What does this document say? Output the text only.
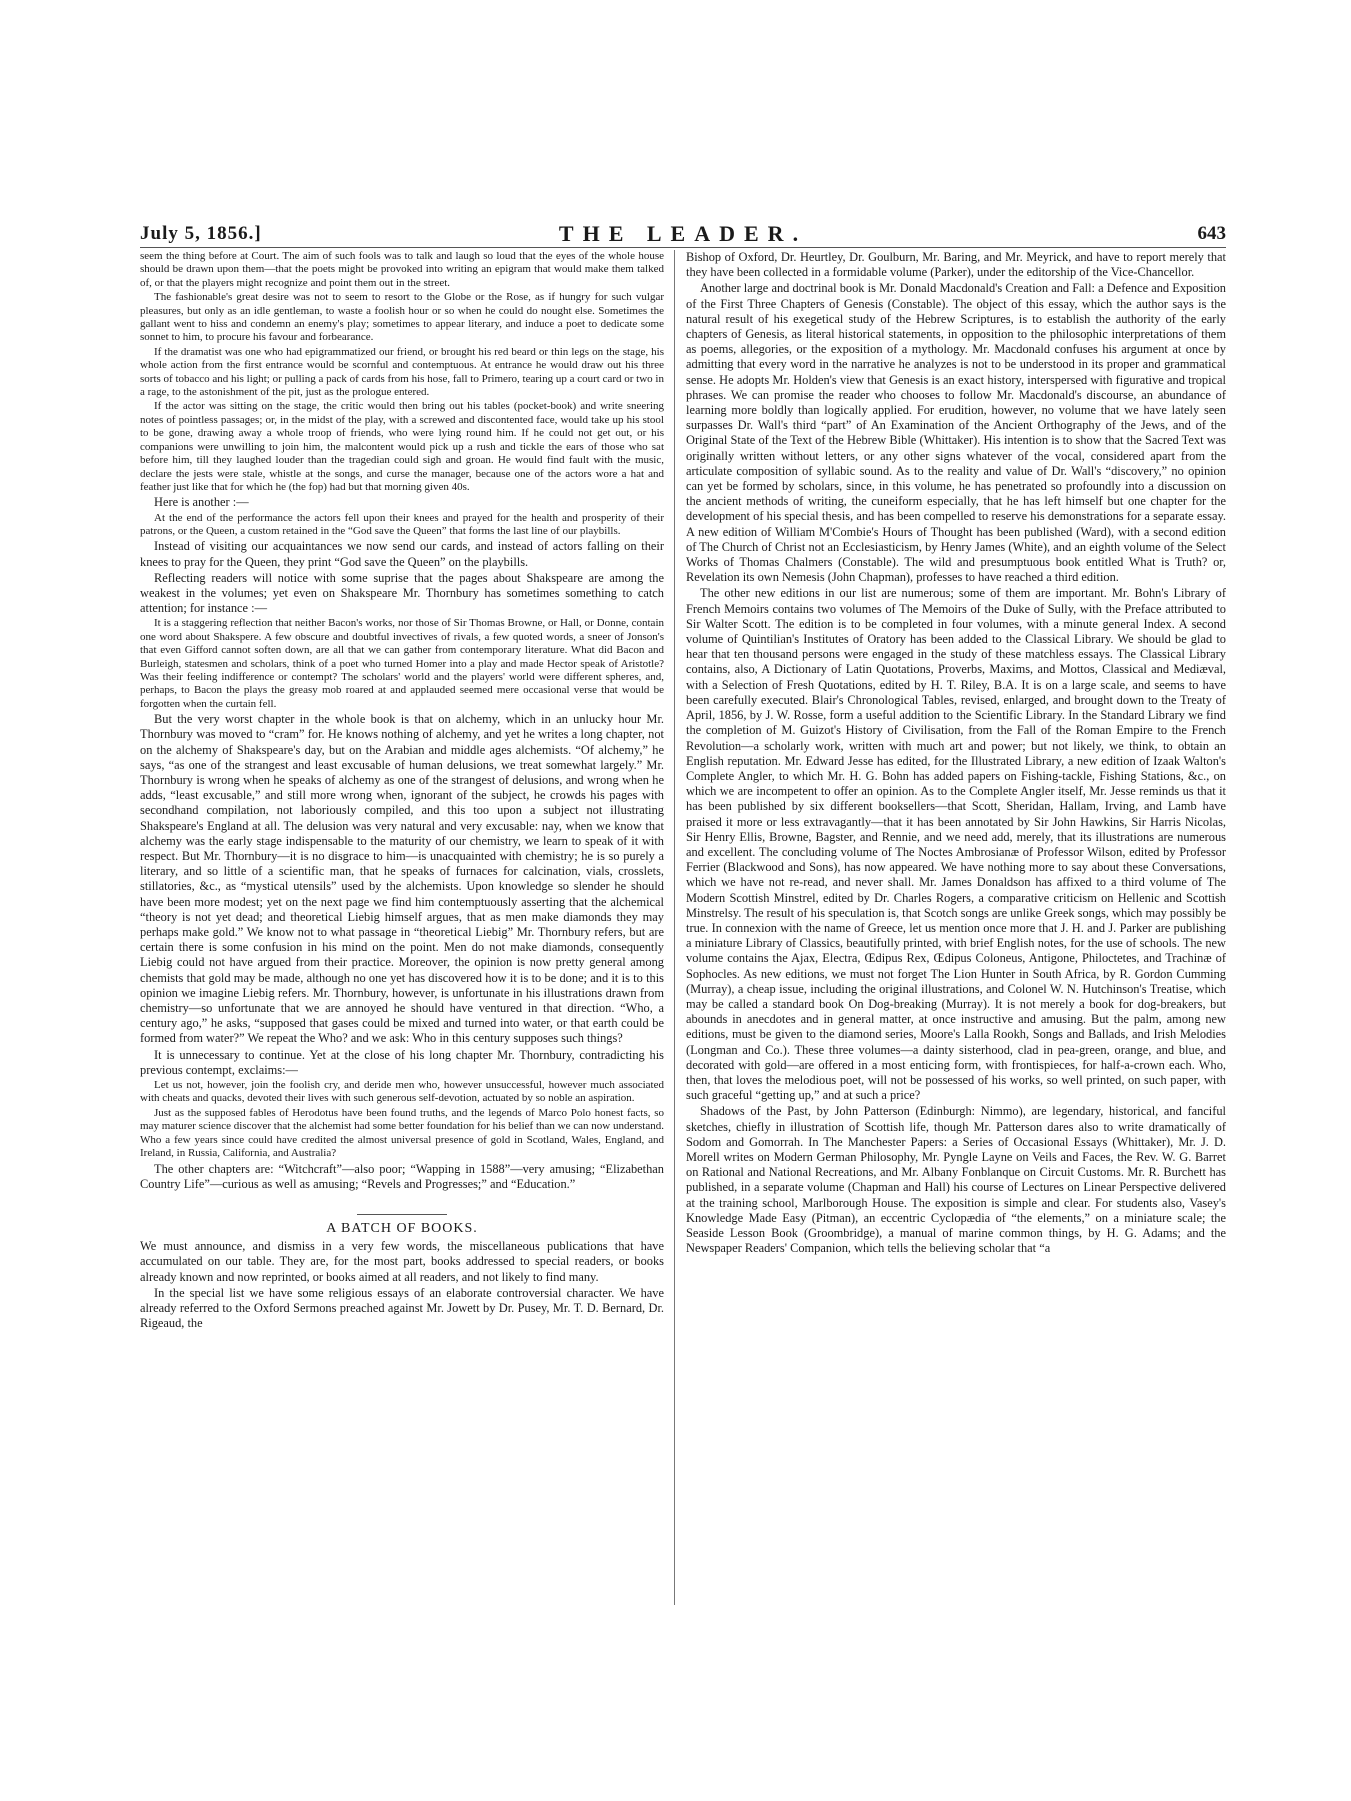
July 5, 1856.]	THE LEADER.	643

seem the thing before at Court. The aim of such fools was to talk and laugh so loud that the eyes of the whole house should be drawn upon them—that the poets might be provoked into writing an epigram that would make them talked of, or that the players might recognize and point them out in the street.

The fashionable's great desire was not to seem to resort to the Globe or the Rose, as if hungry for such vulgar pleasures, but only as an idle gentleman, to waste a foolish hour or so when he could do nought else. Sometimes the gallant went to hiss and condemn an enemy's play; sometimes to appear literary, and induce a poet to dedicate some sonnet to him, to procure his favour and forbearance.

If the dramatist was one who had epigrammatized our friend, or brought his red beard or thin legs on the stage, his whole action from the first entrance would be scornful and contemptuous. At entrance he would draw out his three sorts of tobacco and his light; or pulling a pack of cards from his hose, fall to Primero, tearing up a court card or two in a rage, to the astonishment of the pit, just as the prologue entered.

If the actor was sitting on the stage, the critic would then bring out his tables (pocket-book) and write sneering notes of pointless passages; or, in the midst of the play, with a screwed and discontented face, would take up his stool to be gone, drawing away a whole troop of friends, who were lying round him. If he could not get out, or his companions were unwilling to join him, the malcontent would pick up a rush and tickle the ears of those who sat before him, till they laughed louder than the tragedian could sigh and groan. He would find fault with the music, declare the jests were stale, whistle at the songs, and curse the manager, because one of the actors wore a hat and feather just like that for which he (the fop) had but that morning given 40s.

Here is another :—

At the end of the performance the actors fell upon their knees and prayed for the health and prosperity of their patrons, or the Queen, a custom retained in the “God save the Queen” that forms the last line of our playbills.

Instead of visiting our acquaintances we now send our cards, and instead of actors falling on their knees to pray for the Queen, they print “God save the Queen” on the playbills.

Reflecting readers will notice with some suprise that the pages about Shakspeare are among the weakest in the volumes; yet even on Shakspeare Mr. Thornbury has sometimes something to catch attention; for instance :—

It is a staggering reflection that neither Bacon's works, nor those of Sir Thomas Browne, or Hall, or Donne, contain one word about Shakspere. A few obscure and doubtful invectives of rivals, a few quoted words, a sneer of Jonson's that even Gifford cannot soften down, are all that we can gather from contemporary literature. What did Bacon and Burleigh, statesmen and scholars, think of a poet who turned Homer into a play and made Hector speak of Aristotle? Was their feeling indifference or contempt? The scholars' world and the players' world were different spheres, and, perhaps, to Bacon the plays the greasy mob roared at and applauded seemed mere occasional verse that would be forgotten when the curtain fell.

But the very worst chapter in the whole book is that on alchemy, which in an unlucky hour Mr. Thornbury was moved to “cram” for. He knows nothing of alchemy, and yet he writes a long chapter, not on the alchemy of Shakspeare's day, but on the Arabian and middle ages alchemists. “Of alchemy,” he says, “as one of the strangest and least excusable of human delusions, we treat somewhat largely.” Mr. Thornbury is wrong when he speaks of alchemy as one of the strangest of delusions, and wrong when he adds, “least excusable,” and still more wrong when, ignorant of the subject, he crowds his pages with secondhand compilation, not laboriously compiled, and this too upon a subject not illustrating Shakspeare's England at all. The delusion was very natural and very excusable: nay, when we know that alchemy was the early stage indispensable to the maturity of our chemistry, we learn to speak of it with respect. But Mr. Thornbury—it is no disgrace to him—is unacquainted with chemistry; he is so purely a literary, and so little of a scientific man, that he speaks of furnaces for calcination, vials, crosslets, stillatories, &c., as “mystical utensils” used by the alchemists. Upon knowledge so slender he should have been more modest; yet on the next page we find him contemptuously asserting that the alchemical “theory is not yet dead; and theoretical Liebig himself argues, that as men make diamonds they may perhaps make gold.” We know not to what passage in “theoretical Liebig” Mr. Thornbury refers, but are certain there is some confusion in his mind on the point. Men do not make diamonds, consequently Liebig could not have argued from their practice. Moreover, the opinion is now pretty general among chemists that gold may be made, although no one yet has discovered how it is to be done; and it is to this opinion we imagine Liebig refers. Mr. Thornbury, however, is unfortunate in his illustrations drawn from chemistry—so unfortunate that we are annoyed he should have ventured in that direction. “Who, a century ago,” he asks, “supposed that gases could be mixed and turned into water, or that earth could be formed from water?” We repeat the Who? and we ask: Who in this century supposes such things?

It is unnecessary to continue. Yet at the close of his long chapter Mr. Thornbury, contradicting his previous contempt, exclaims:—

Let us not, however, join the foolish cry, and deride men who, however unsuccessful, however much associated with cheats and quacks, devoted their lives with such generous self-devotion, actuated by so noble an aspiration.

Just as the supposed fables of Herodotus have been found truths, and the legends of Marco Polo honest facts, so may maturer science discover that the alchemist had some better foundation for his belief than we can now understand. Who a few years since could have credited the almost universal presence of gold in Scotland, Wales, England, and Ireland, in Russia, California, and Australia?

The other chapters are: “Witchcraft”—also poor; “Wapping in 1588”—very amusing; “Elizabethan Country Life”—curious as well as amusing; “Revels and Progresses;” and “Education.”

A BATCH OF BOOKS.

We must announce, and dismiss in a very few words, the miscellaneous publications that have accumulated on our table. They are, for the most part, books addressed to special readers, or books already known and now reprinted, or books aimed at all readers, and not likely to find many.

In the special list we have some religious essays of an elaborate controversial character. We have already referred to the Oxford Sermons preached against Mr. Jowett by Dr. Pusey, Mr. T. D. Bernard, Dr. Rigeaud, the

Bishop of Oxford, Dr. Heurtley, Dr. Goulburn, Mr. Baring, and Mr. Meyrick, and have to report merely that they have been collected in a formidable volume (Parker), under the editorship of the Vice-Chancellor.

Another large and doctrinal book is Mr. Donald Macdonald's Creation and Fall: a Defence and Exposition of the First Three Chapters of Genesis (Constable). The object of this essay, which the author says is the natural result of his exegetical study of the Hebrew Scriptures, is to establish the authority of the early chapters of Genesis, as literal historical statements, in opposition to the philosophic interpretations of them as poems, allegories, or the exposition of a mythology. Mr. Macdonald confuses his argument at once by admitting that every word in the narrative he analyzes is not to be understood in its proper and grammatical sense. He adopts Mr. Holden's view that Genesis is an exact history, interspersed with figurative and tropical phrases. We can promise the reader who chooses to follow Mr. Macdonald's discourse, an abundance of learning more boldly than logically applied. For erudition, however, no volume that we have lately seen surpasses Dr. Wall's third “part” of An Examination of the Ancient Orthography of the Jews, and of the Original State of the Text of the Hebrew Bible (Whittaker). His intention is to show that the Sacred Text was originally written without letters, or any other signs whatever of the vocal, considered apart from the articulate composition of syllabic sound. As to the reality and value of Dr. Wall's “discovery,” no opinion can yet be formed by scholars, since, in this volume, he has penetrated so profoundly into a discussion on the ancient methods of writing, the cuneiform especially, that he has left himself but one chapter for the development of his special thesis, and has been compelled to reserve his demonstrations for a separate essay. A new edition of William M'Combie's Hours of Thought has been published (Ward), with a second edition of The Church of Christ not an Ecclesiasticism, by Henry James (White), and an eighth volume of the Select Works of Thomas Chalmers (Constable). The wild and presumptuous book entitled What is Truth? or, Revelation its own Nemesis (John Chapman), professes to have reached a third edition.

The other new editions in our list are numerous; some of them are important. Mr. Bohn's Library of French Memoirs contains two volumes of The Memoirs of the Duke of Sully, with the Preface attributed to Sir Walter Scott. The edition is to be completed in four volumes, with a minute general Index. A second volume of Quintilian's Institutes of Oratory has been added to the Classical Library. We should be glad to hear that ten thousand persons were engaged in the study of these matchless essays. The Classical Library contains, also, A Dictionary of Latin Quotations, Proverbs, Maxims, and Mottos, Classical and Mediæval, with a Selection of Fresh Quotations, edited by H. T. Riley, B.A. It is on a large scale, and seems to have been carefully executed. Blair's Chronological Tables, revised, enlarged, and brought down to the Treaty of April, 1856, by J. W. Rosse, form a useful addition to the Scientific Library. In the Standard Library we find the completion of M. Guizot's History of Civilisation, from the Fall of the Roman Empire to the French Revolution—a scholarly work, written with much art and power; but not likely, we think, to obtain an English reputation. Mr. Edward Jesse has edited, for the Illustrated Library, a new edition of Izaak Walton's Complete Angler, to which Mr. H. G. Bohn has added papers on Fishing-tackle, Fishing Stations, &c., on which we are incompetent to offer an opinion. As to the Complete Angler itself, Mr. Jesse reminds us that it has been published by six different booksellers—that Scott, Sheridan, Hallam, Irving, and Lamb have praised it more or less extravagantly—that it has been annotated by Sir John Hawkins, Sir Harris Nicolas, Sir Henry Ellis, Browne, Bagster, and Rennie, and we need add, merely, that its illustrations are numerous and excellent. The concluding volume of The Noctes Ambrosianæ of Professor Wilson, edited by Professor Ferrier (Blackwood and Sons), has now appeared. We have nothing more to say about these Conversations, which we have not re-read, and never shall. Mr. James Donaldson has affixed to a third volume of The Modern Scottish Minstrel, edited by Dr. Charles Rogers, a comparative criticism on Hellenic and Scottish Minstrelsy. The result of his speculation is, that Scotch songs are unlike Greek songs, which may possibly be true. In connexion with the name of Greece, let us mention once more that J. H. and J. Parker are publishing a miniature Library of Classics, beautifully printed, with brief English notes, for the use of schools. The new volume contains the Ajax, Electra, Œdipus Rex, Œdipus Coloneus, Antigone, Philoctetes, and Trachinæ of Sophocles. As new editions, we must not forget The Lion Hunter in South Africa, by R. Gordon Cumming (Murray), a cheap issue, including the original illustrations, and Colonel W. N. Hutchinson's Treatise, which may be called a standard book On Dog-breaking (Murray). It is not merely a book for dog-breakers, but abounds in anecdotes and in general matter, at once instructive and amusing. But the palm, among new editions, must be given to the diamond series, Moore's Lalla Rookh, Songs and Ballads, and Irish Melodies (Longman and Co.). These three volumes—a dainty sisterhood, clad in pea-green, orange, and blue, and decorated with gold—are offered in a most enticing form, with frontispieces, for half-a-crown each. Who, then, that loves the melodious poet, will not be possessed of his works, so well printed, on such paper, with such graceful “getting up,” and at such a price?

Shadows of the Past, by John Patterson (Edinburgh: Nimmo), are legendary, historical, and fanciful sketches, chiefly in illustration of Scottish life, though Mr. Patterson dares also to write dramatically of Sodom and Gomorrah. In The Manchester Papers: a Series of Occasional Essays (Whittaker), Mr. J. D. Morell writes on Modern German Philosophy, Mr. Pyngle Layne on Veils and Faces, the Rev. W. G. Barret on Rational and National Recreations, and Mr. Albany Fonblanque on Circuit Customs. Mr. R. Burchett has published, in a separate volume (Chapman and Hall) his course of Lectures on Linear Perspective delivered at the training school, Marlborough House. The exposition is simple and clear. For students also, Vasey's Knowledge Made Easy (Pitman), an eccentric Cyclopædia of “the elements,” on a miniature scale; the Seaside Lesson Book (Groombridge), a manual of marine common things, by H. G. Adams; and the Newspaper Readers' Companion, which tells the believing scholar that “a
